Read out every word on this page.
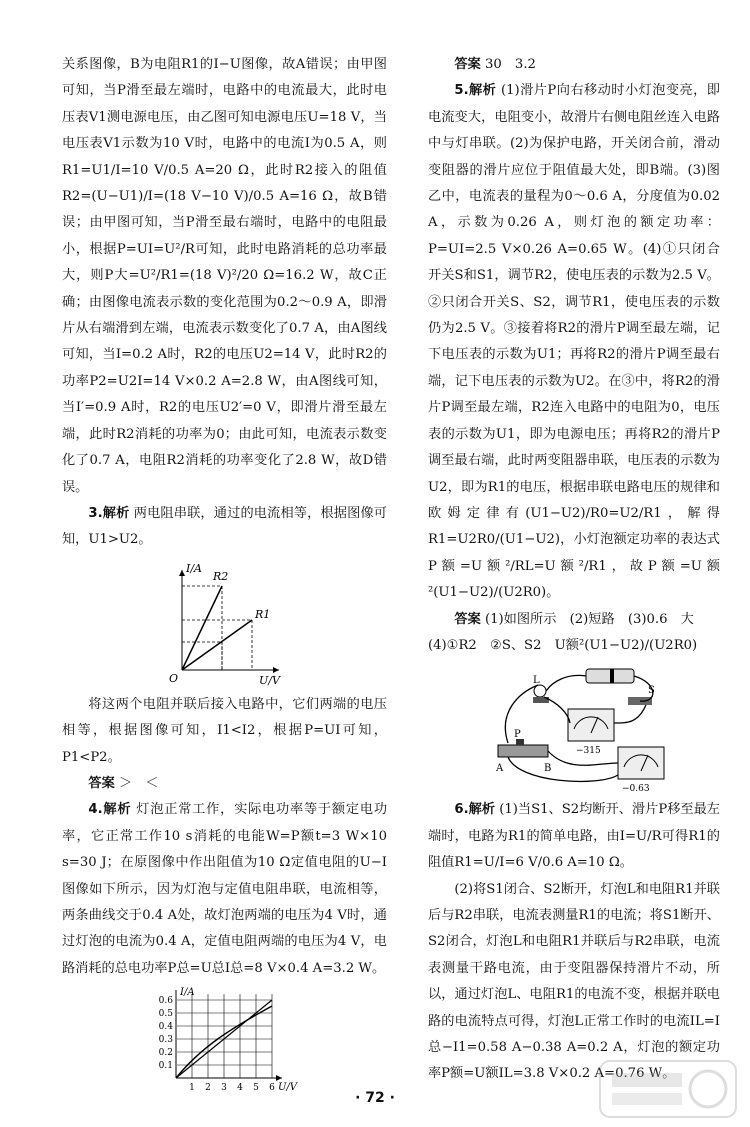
关系图像，B为电阻R1的I−U图像，故A错误；由甲图可知，当P滑至最左端时，电路中的电流最大，此时电压表V1测电源电压，由乙图可知电源电压U=18 V，当电压表V1示数为10 V时，电路中的电流I为0.5 A，则R1=U1/I=10 V/0.5 A=20 Ω，此时R2接入的阻值R2=(U−U1)/I=(18 V−10 V)/0.5 A=16 Ω，故B错误；由甲图可知，当P滑至最右端时，电路中的电阻最小，根据P=UI=U²/R可知，此时电路消耗的总功率最大，则P大=U²/R1=(18 V)²/20 Ω=16.2 W，故C正确；由图像电流表示数的变化范围为0.2～0.9 A，即滑片从右端滑到左端，电流表示数变化了0.7 A，由A图线可知，当I=0.2 A时，R2的电压U2=14 V，此时R2的功率P2=U2I=14 V×0.2 A=2.8 W，由A图线可知，当I′=0.9 A时，R2的电压U2′=0 V，即滑片滑至最左端，此时R2消耗的功率为0；由此可知，电流表示数变化了0.7 A，电阻R2消耗的功率变化了2.8 W，故D错误。

3.解析 两电阻串联，通过的电流相等，根据图像可知，U1>U2。

I/A
U/V
O
R2
R1

将这两个电阻并联后接入电路中，它们两端的电压相等，根据图像可知，I1<I2，根据P=UI可知，P1<P2。

答案 ＞　＜

4.解析 灯泡正常工作，实际电功率等于额定电功率，它正常工作10 s消耗的电能W=P额t=3 W×10 s=30 J；在原图像中作出阻值为10 Ω定值电阻的U−I图像如下所示，因为灯泡与定值电阻串联，电流相等，两条曲线交于0.4 A处，故灯泡两端的电压为4 V时，通过灯泡的电流为0.4 A，定值电阻两端的电压为4 V，电路消耗的总电功率P总=U总I总=8 V×0.4 A=3.2 W。

I/A
U/V
0.6
0.5
0.4
0.3
0.2
0.1
1 2 3 4 5 6

答案 30　3.2

5.解析 (1)滑片P向右移动时小灯泡变亮，即电流变大，电阻变小，故滑片右侧电阻丝连入电路中与灯串联。(2)为保护电路，开关闭合前，滑动变阻器的滑片应位于阻值最大处，即B端。(3)图乙中，电流表的量程为0～0.6 A，分度值为0.02 A，示数为0.26 A，则灯泡的额定功率：P=UI=2.5 V×0.26 A=0.65 W。(4)①只闭合开关S和S1，调节R2，使电压表的示数为2.5 V。②只闭合开关S、S2，调节R1，使电压表的示数仍为2.5 V。③接着将R2的滑片P调至最左端，记下电压表的示数为U1；再将R2的滑片P调至最右端，记下电压表的示数为U2。在③中，将R2的滑片P调至最左端，R2连入电路中的电阻为0，电压表的示数为U1，即为电源电压；再将R2的滑片P调至最右端，此时两变阻器串联，电压表的示数为U2，即为R1的电压，根据串联电路电压的规律和欧姆定律有(U1−U2)/R0=U2/R1，解得R1=U2R0/(U1−U2)，小灯泡额定功率的表达式P额=U额²/RL=U额²/R1，故P额=U额²(U1−U2)/(U2R0)。

答案 (1)如图所示　(2)短路　(3)0.6　大

(4)①R2　②S、S2　U额²(U1−U2)/(U2R0)

L
S
A	B
P
−315
−0.63

6.解析 (1)当S1、S2均断开、滑片P移至最左端时，电路为R1的简单电路，由I=U/R可得R1的阻值R1=U/I=6 V/0.6 A=10 Ω。

(2)将S1闭合、S2断开，灯泡L和电阻R1并联后与R2串联，电流表测量R1的电流；将S1断开、S2闭合，灯泡L和电阻R1并联后与R2串联，电流表测量干路电流，由于变阻器保持滑片不动，所以，通过灯泡L、电阻R1的电流不变，根据并联电路的电流特点可得，灯泡L正常工作时的电流IL=I总−I1=0.58 A−0.38 A=0.2 A，灯泡的额定功率P额=U额IL=3.8 V×0.2 A=0.76 W。

· 72 ·
